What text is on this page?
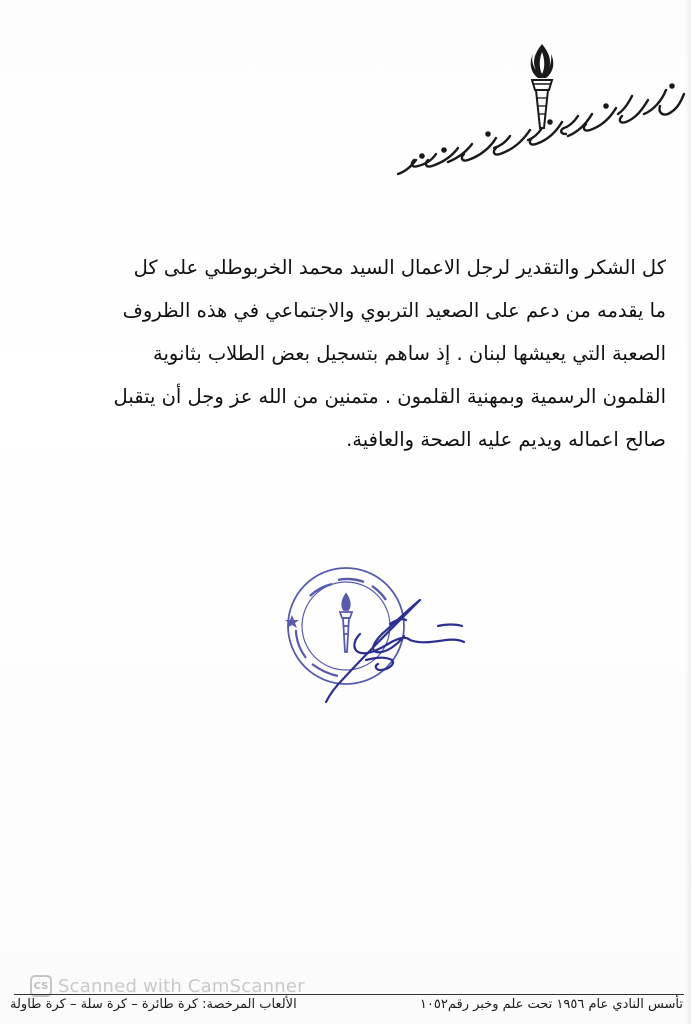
كل الشكر والتقدير لرجل الاعمال السيد محمد الخربوطلي على كل

ما يقدمه من دعم على الصعيد التربوي والاجتماعي في هذه الظروف

الصعبة التي يعيشها لبنان . إذ ساهم بتسجيل بعض الطلاب بثانوية

القلمون الرسمية وبمهنية القلمون . متمنين من الله عز وجل أن يتقبل

صالح اعماله ويديم عليه الصحة والعافية.

CS Scanned with CamScanner
تأسس النادي عام ١٩٥٦ تحت علم وخبر رقم١٠٥٢
الألعاب المرخصة: كرة طائرة – كرة سلة – كرة طاولة
